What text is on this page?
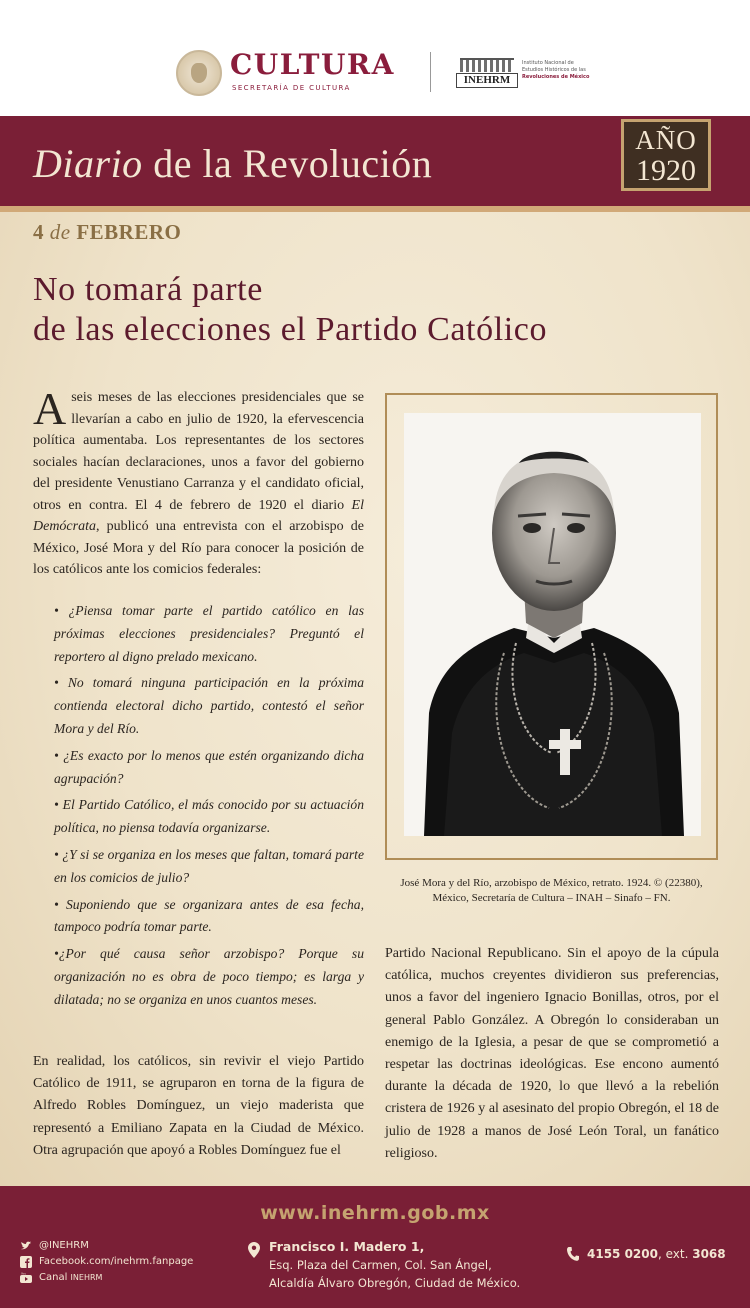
CULTURA
SECRETARÍA DE CULTURA
INEHRM
Instituto Nacional de
Estudios Históricos de las
Revoluciones de México
Diario de la Revolución
AÑO
1920
4 de FEBRERO
No tomará parte
de las elecciones el Partido Católico
A seis meses de las elecciones presidenciales que se llevarían a cabo en julio de 1920, la efervescencia política aumentaba. Los representantes de los sectores sociales hacían declaraciones, unos a favor del gobierno del presidente Venustiano Carranza y el candidato oficial, otros en contra. El 4 de febrero de 1920 el diario El Demócrata, publicó una entrevista con el arzobispo de México, José Mora y del Río para conocer la posición de los católicos ante los comicios federales:

• ¿Piensa tomar parte el partido católico en las próximas elecciones presidenciales? Preguntó el reportero al digno prelado mexicano.

• No tomará ninguna participación en la próxima contienda electoral dicho partido, contestó el señor Mora y del Río.

• ¿Es exacto por lo menos que estén organizando dicha agrupación?

• El Partido Católico, el más conocido por su actuación política, no piensa todavía organizarse.

• ¿Y si se organiza en los meses que faltan, tomará parte en los comicios de julio?

• Suponiendo que se organizara antes de esa fecha, tampoco podría tomar parte.

•¿Por qué causa señor arzobispo? Porque su organización no es obra de poco tiempo; es larga y dilatada; no se organiza en unos cuantos meses.

En realidad, los católicos, sin revivir el viejo Partido Católico de 1911, se agruparon en torna de la figura de Alfredo Robles Domínguez, un viejo maderista que representó a Emiliano Zapata en la Ciudad de México. Otra agrupación que apoyó a Robles Domínguez fue el
José Mora y del Río, arzobispo de México, retrato. 1924. © (22380),
México, Secretaría de Cultura – INAH – Sinafo – FN.
Partido Nacional Republicano. Sin el apoyo de la cúpula católica, muchos creyentes dividieron sus preferencias, unos a favor del ingeniero Ignacio Bonillas, otros, por el general Pablo González. A Obregón lo consideraban un enemigo de la Iglesia, a pesar de que se comprometió a respetar las doctrinas ideológicas. Ese encono aumentó durante la década de 1920, lo que llevó a la rebelión cristera de 1926 y al asesinato del propio Obregón, el 18 de julio de 1928 a manos de José León Toral, un fanático religioso.
www.inehrm.gob.mx
@INEHRM
Facebook.com/inehrm.fanpage
You Canal INEHRM
Francisco I. Madero 1,
Esq. Plaza del Carmen, Col. San Ángel,
Alcaldía Álvaro Obregón, Ciudad de México.
4155 0200, ext. 3068
